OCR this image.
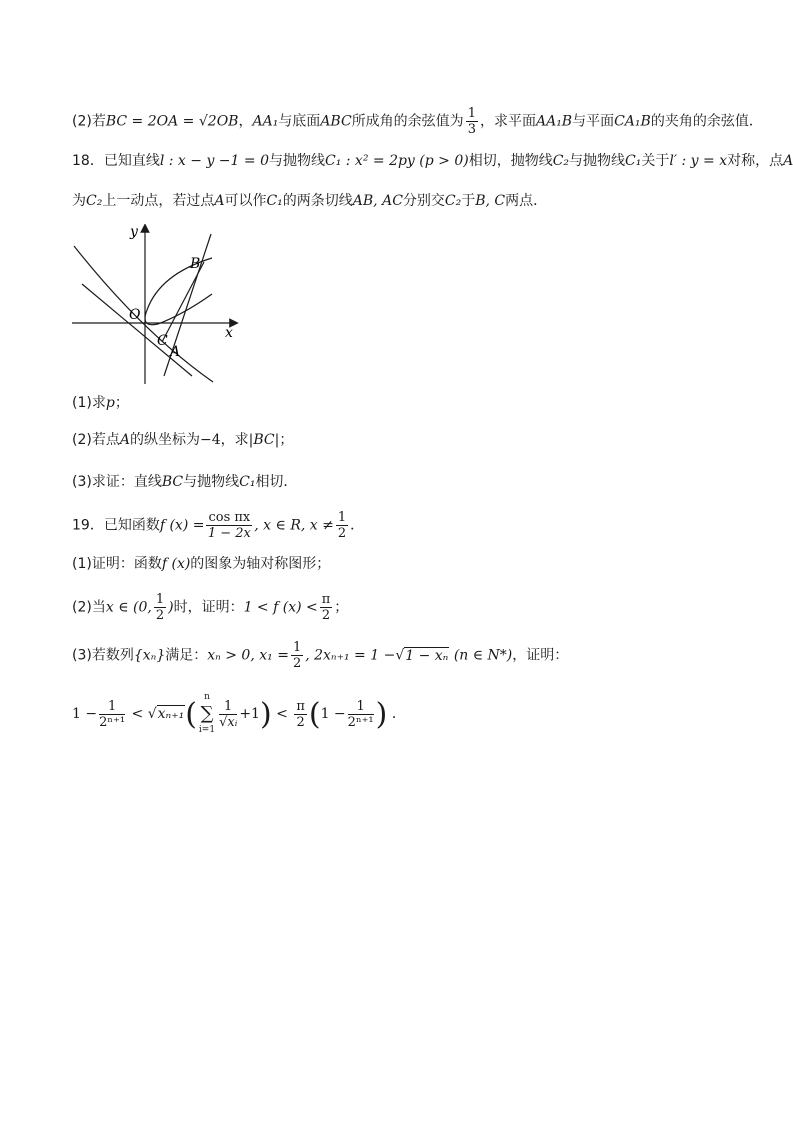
(2)若BC = 2OA = √2OB，AA₁与底面ABC所成角的余弦值为 $\frac{1}{3}$ ，求平面AA₁B与平面CA₁B的夹角的余弦值．
18．已知直线l : x − y −1 = 0与抛物线C₁ : x² = 2py (p > 0)相切，抛物线C₂与抛物线C₁关于l′ : y = x对称，点A
为C₂上一动点，若过点A可以作C₁的两条切线AB, AC分别交C₂于B, C两点．
y
x
O
B
C
A
(1)求p；
(2)若点A的纵坐标为−4，求|BC|；
(3)求证：直线BC与抛物线C₁相切．
19．已知函数f $(x) = \frac{\text{cos πx}}{1 - 2x}$ , x ∈ R, $x \ne \frac{1}{2}$ ．
(1)证明：函数f (x)的图象为轴对称图形；
(2)当x ∈ (0, $\frac{1}{2}$ )时，证明：1 < f $(x) < \frac{\pi}{2}$ ；
(3)若数列{xₙ}满足：xₙ > 0, $x_1 = \frac{1}{2}$ , 2xₙ₊₁ = 1 −√1 − xₙ (n ∈ N*)，证明：
$1 - \frac{1}{\text{2ⁿ⁺¹}} < √x_{n+1}$( n
∑
i=1
$\frac{1}{\text{√xᵢ}} +1) < \frac{\pi}{2} (1 - \frac{1}{\text{2ⁿ⁺¹}}$ ) ．
